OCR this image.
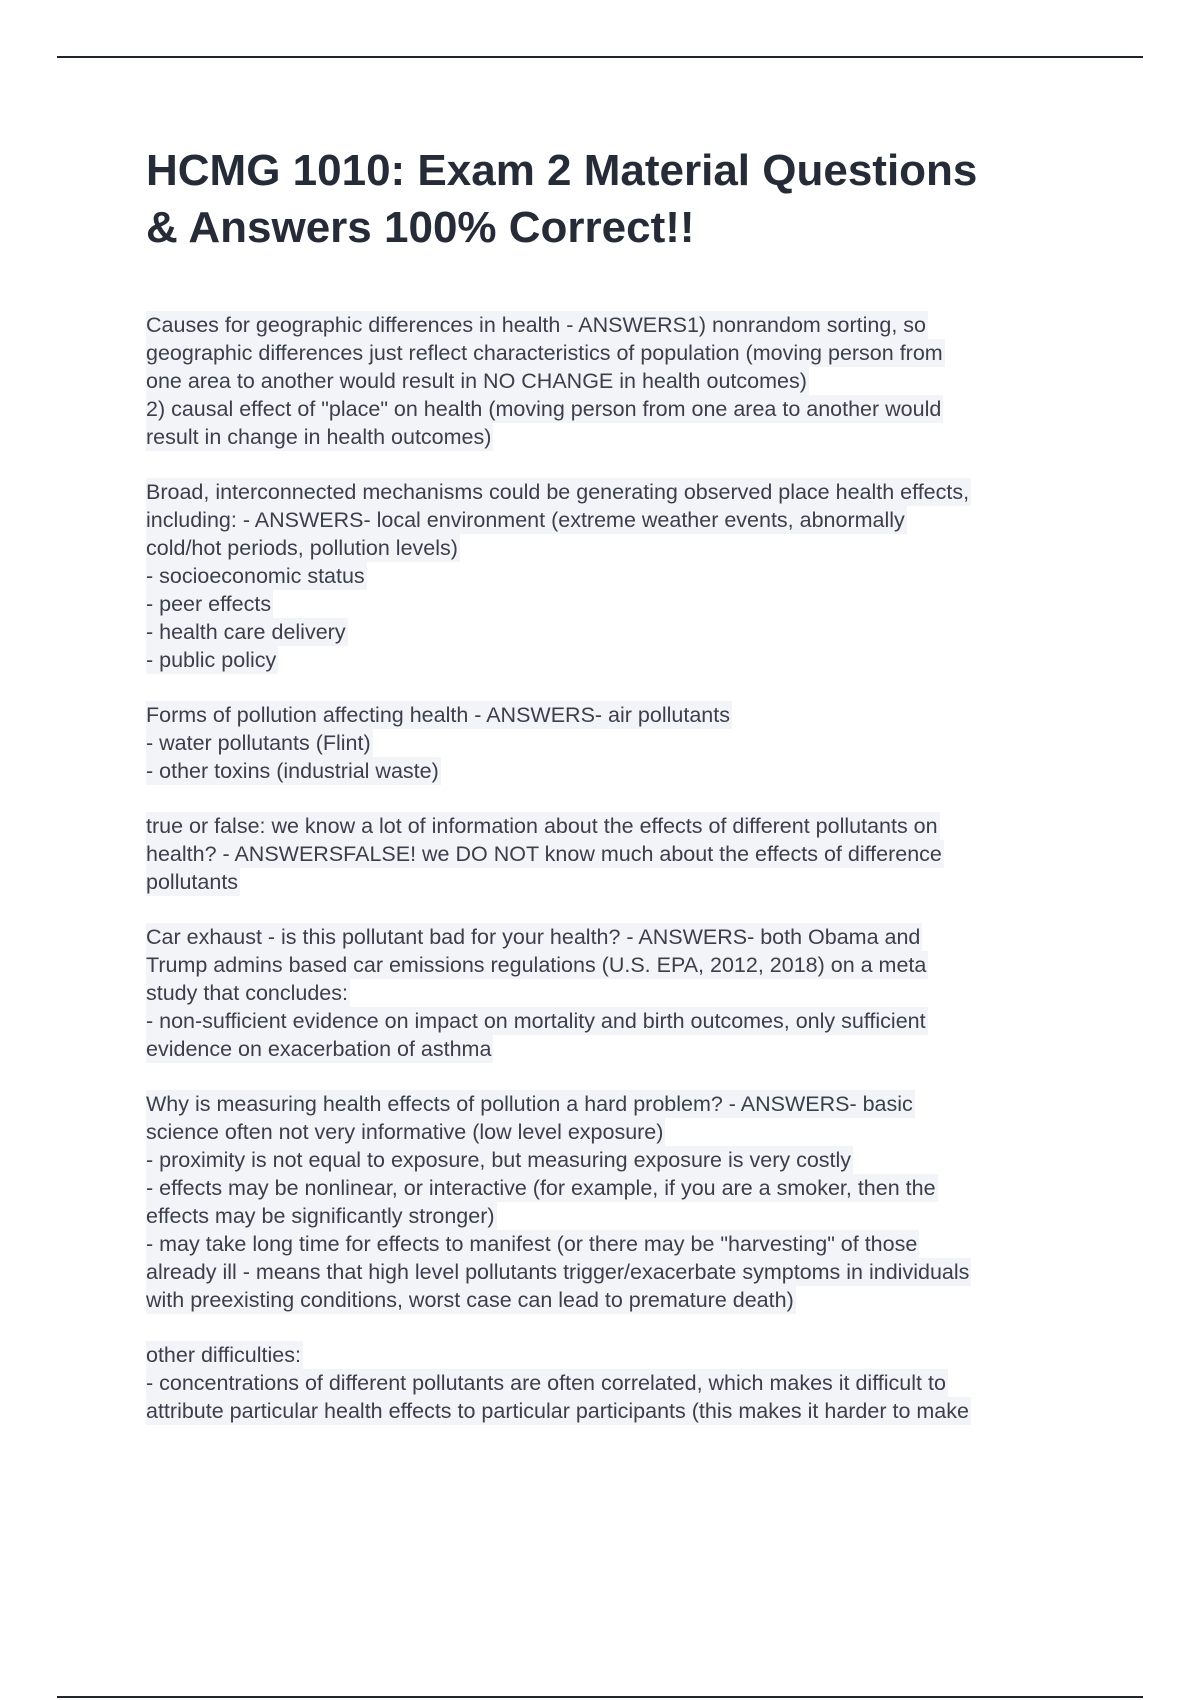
HCMG 1010: Exam 2 Material Questions
& Answers 100% Correct!!
Causes for geographic differences in health - ANSWERS1) nonrandom sorting, so
geographic differences just reflect characteristics of population (moving person from
one area to another would result in NO CHANGE in health outcomes)
2) causal effect of "place" on health (moving person from one area to another would
result in change in health outcomes)
Broad, interconnected mechanisms could be generating observed place health effects,
including: - ANSWERS- local environment (extreme weather events, abnormally
cold/hot periods, pollution levels)
- socioeconomic status
- peer effects
- health care delivery
- public policy
Forms of pollution affecting health - ANSWERS- air pollutants
- water pollutants (Flint)
- other toxins (industrial waste)
true or false: we know a lot of information about the effects of different pollutants on
health? - ANSWERSFALSE! we DO NOT know much about the effects of difference
pollutants
Car exhaust - is this pollutant bad for your health? - ANSWERS- both Obama and
Trump admins based car emissions regulations (U.S. EPA, 2012, 2018) on a meta
study that concludes:
- non-sufficient evidence on impact on mortality and birth outcomes, only sufficient
evidence on exacerbation of asthma
Why is measuring health effects of pollution a hard problem? - ANSWERS- basic
science often not very informative (low level exposure)
- proximity is not equal to exposure, but measuring exposure is very costly
- effects may be nonlinear, or interactive (for example, if you are a smoker, then the
effects may be significantly stronger)
- may take long time for effects to manifest (or there may be "harvesting" of those
already ill - means that high level pollutants trigger/exacerbate symptoms in individuals
with preexisting conditions, worst case can lead to premature death)
other difficulties:
- concentrations of different pollutants are often correlated, which makes it difficult to
attribute particular health effects to particular participants (this makes it harder to make
